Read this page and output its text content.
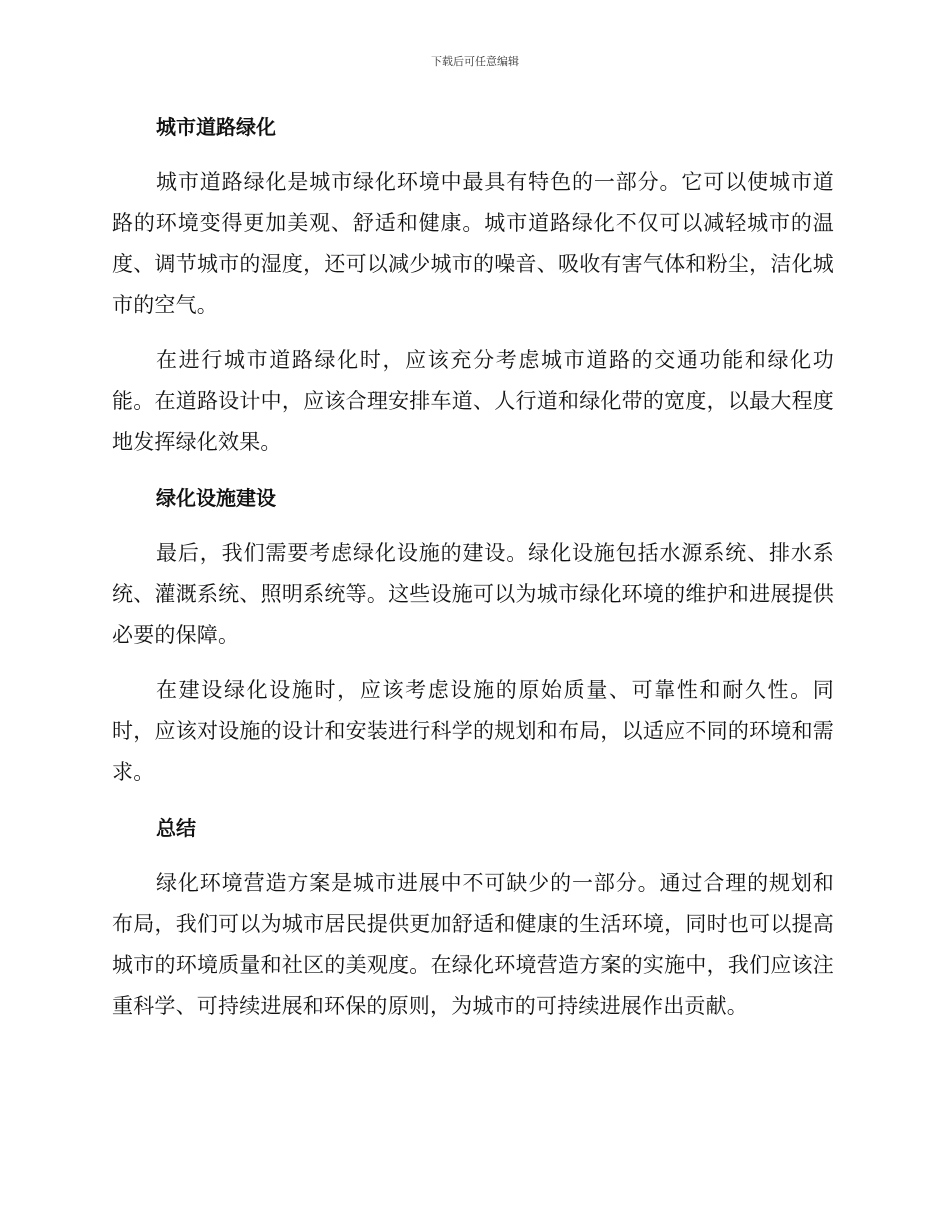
下载后可任意编辑
城市道路绿化

城市道路绿化是城市绿化环境中最具有特色的一部分。它可以使城市道路的环境变得更加美观、舒适和健康。城市道路绿化不仅可以减轻城市的温度、调节城市的湿度，还可以减少城市的噪音、吸收有害气体和粉尘，洁化城市的空气。

在进行城市道路绿化时，应该充分考虑城市道路的交通功能和绿化功能。在道路设计中，应该合理安排车道、人行道和绿化带的宽度，以最大程度地发挥绿化效果。

绿化设施建设

最后，我们需要考虑绿化设施的建设。绿化设施包括水源系统、排水系统、灌溉系统、照明系统等。这些设施可以为城市绿化环境的维护和进展提供必要的保障。

在建设绿化设施时，应该考虑设施的原始质量、可靠性和耐久性。同时，应该对设施的设计和安装进行科学的规划和布局，以适应不同的环境和需求。

总结

绿化环境营造方案是城市进展中不可缺少的一部分。通过合理的规划和布局，我们可以为城市居民提供更加舒适和健康的生活环境，同时也可以提高城市的环境质量和社区的美观度。在绿化环境营造方案的实施中，我们应该注重科学、可持续进展和环保的原则，为城市的可持续进展作出贡献。
